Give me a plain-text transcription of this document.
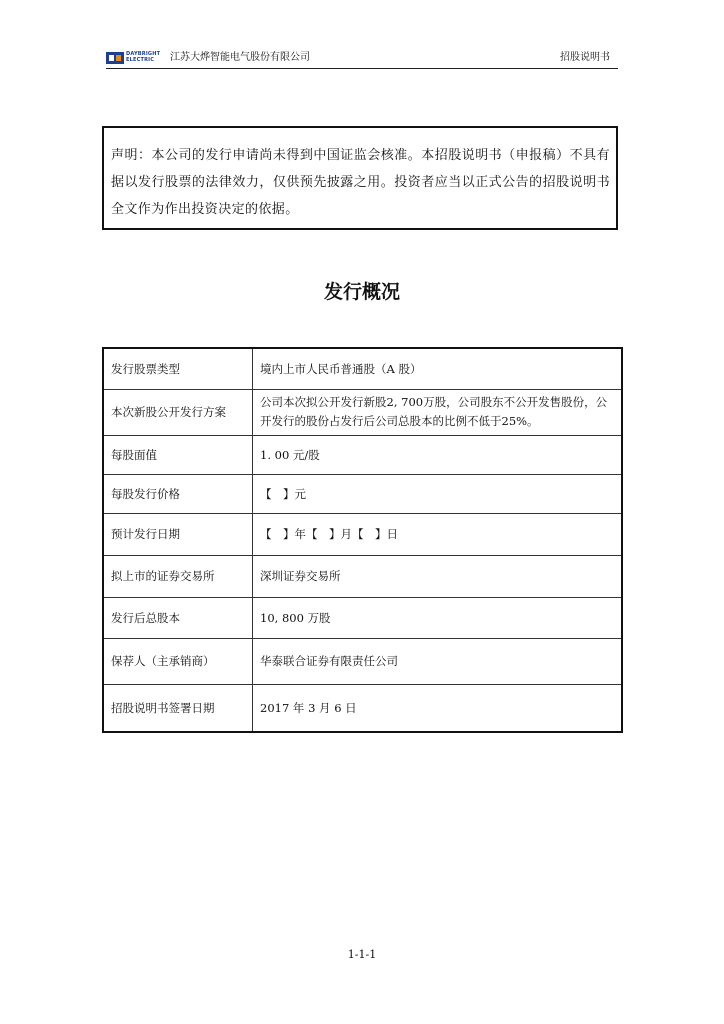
DAYBRIGHT
ELECTRIC	江苏大烨智能电气股份有限公司	招股说明书
声明：本公司的发行申请尚未得到中国证监会核准。本招股说明书（申报稿）不具有据以发行股票的法律效力，仅供预先披露之用。投资者应当以正式公告的招股说明书全文作为作出投资决定的依据。
发行概况
发行股票类型	境内上市人民币普通股（A 股）
本次新股公开发行方案	公司本次拟公开发行新股2, 700万股，公司股东不公开发售股份，公开发行的股份占发行后公司总股本的比例不低于25%。
每股面值	1. 00 元/股
每股发行价格	【　】元
预计发行日期	【　】年【　】月【　】日
拟上市的证券交易所	深圳证券交易所
发行后总股本	10, 800 万股
保荐人（主承销商）	华泰联合证券有限责任公司
招股说明书签署日期	2017 年 3 月 6 日
1-1-1
